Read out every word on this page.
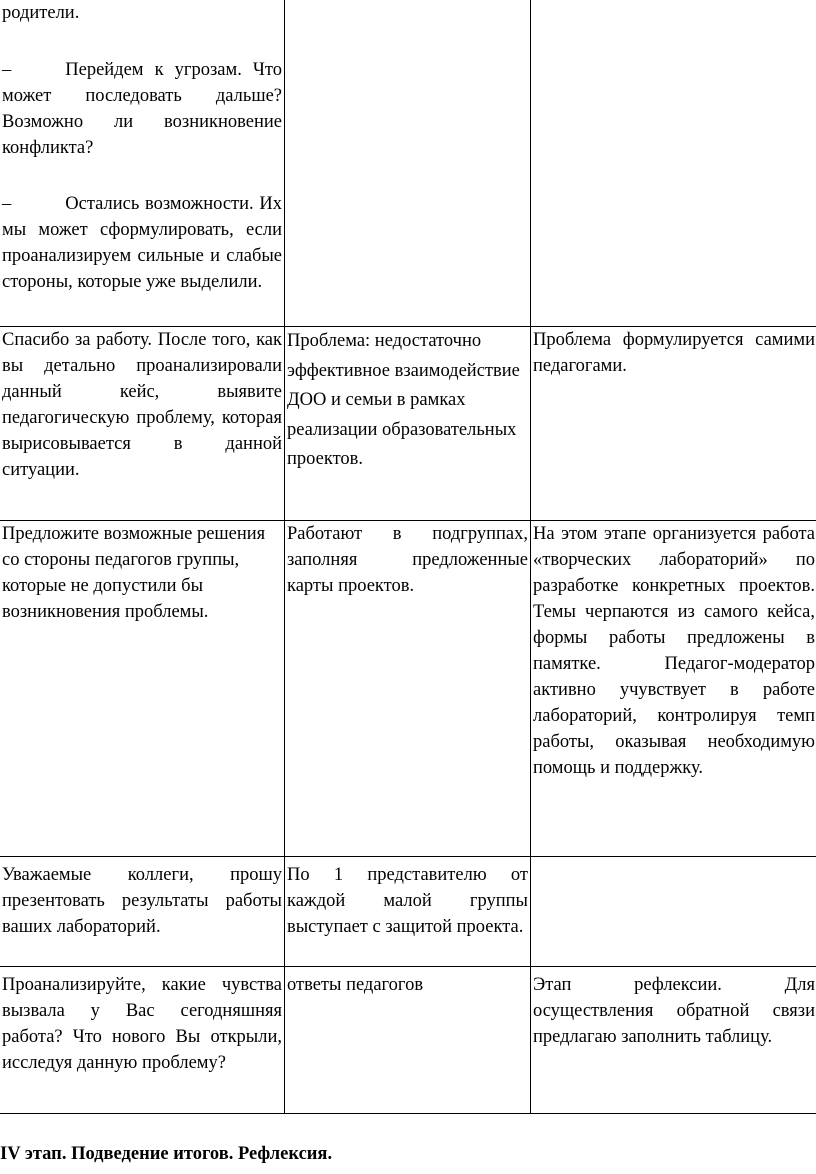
родители.

– Перейдем к угрозам. Что может последовать дальше? Возможно ли возникновение конфликта?

– Остались возможности. Их мы может сформулировать, если проанализируем сильные и слабые стороны, которые уже выделили.		

Спасибо за работу. После того, как вы детально проанализировали данный кейс, выявите педагогическую проблему, которая вырисовывается в данной ситуации.	Проблема: недостаточно эффективное взаимодействие ДОО и семьи в рамках реализации образовательных проектов.	Проблема формулируется самими педагогами.
Предложите возможные решения со стороны педагогов группы, которые не допустили бы возникновения проблемы.	Работают в подгруппах, заполняя предложенные карты проектов.	На этом этапе организуется работа «творческих лабораторий» по разработке конкретных проектов. Темы черпаются из самого кейса, формы работы предложены в памятке. Педагог-модератор активно учувствует в работе лабораторий, контролируя темп работы, оказывая необходимую помощь и поддержку.
Уважаемые коллеги, прошу презентовать результаты работы ваших лабораторий.	По 1 представителю от каждой малой группы выступает с защитой проекта.	
Проанализируйте, какие чувства вызвала у Вас сегодняшняя работа? Что нового Вы открыли, исследуя данную проблему?	ответы педагогов	Этап рефлексии. Для осуществления обратной связи предлагаю заполнить таблицу.
IV этап. Подведение итогов. Рефлексия.
